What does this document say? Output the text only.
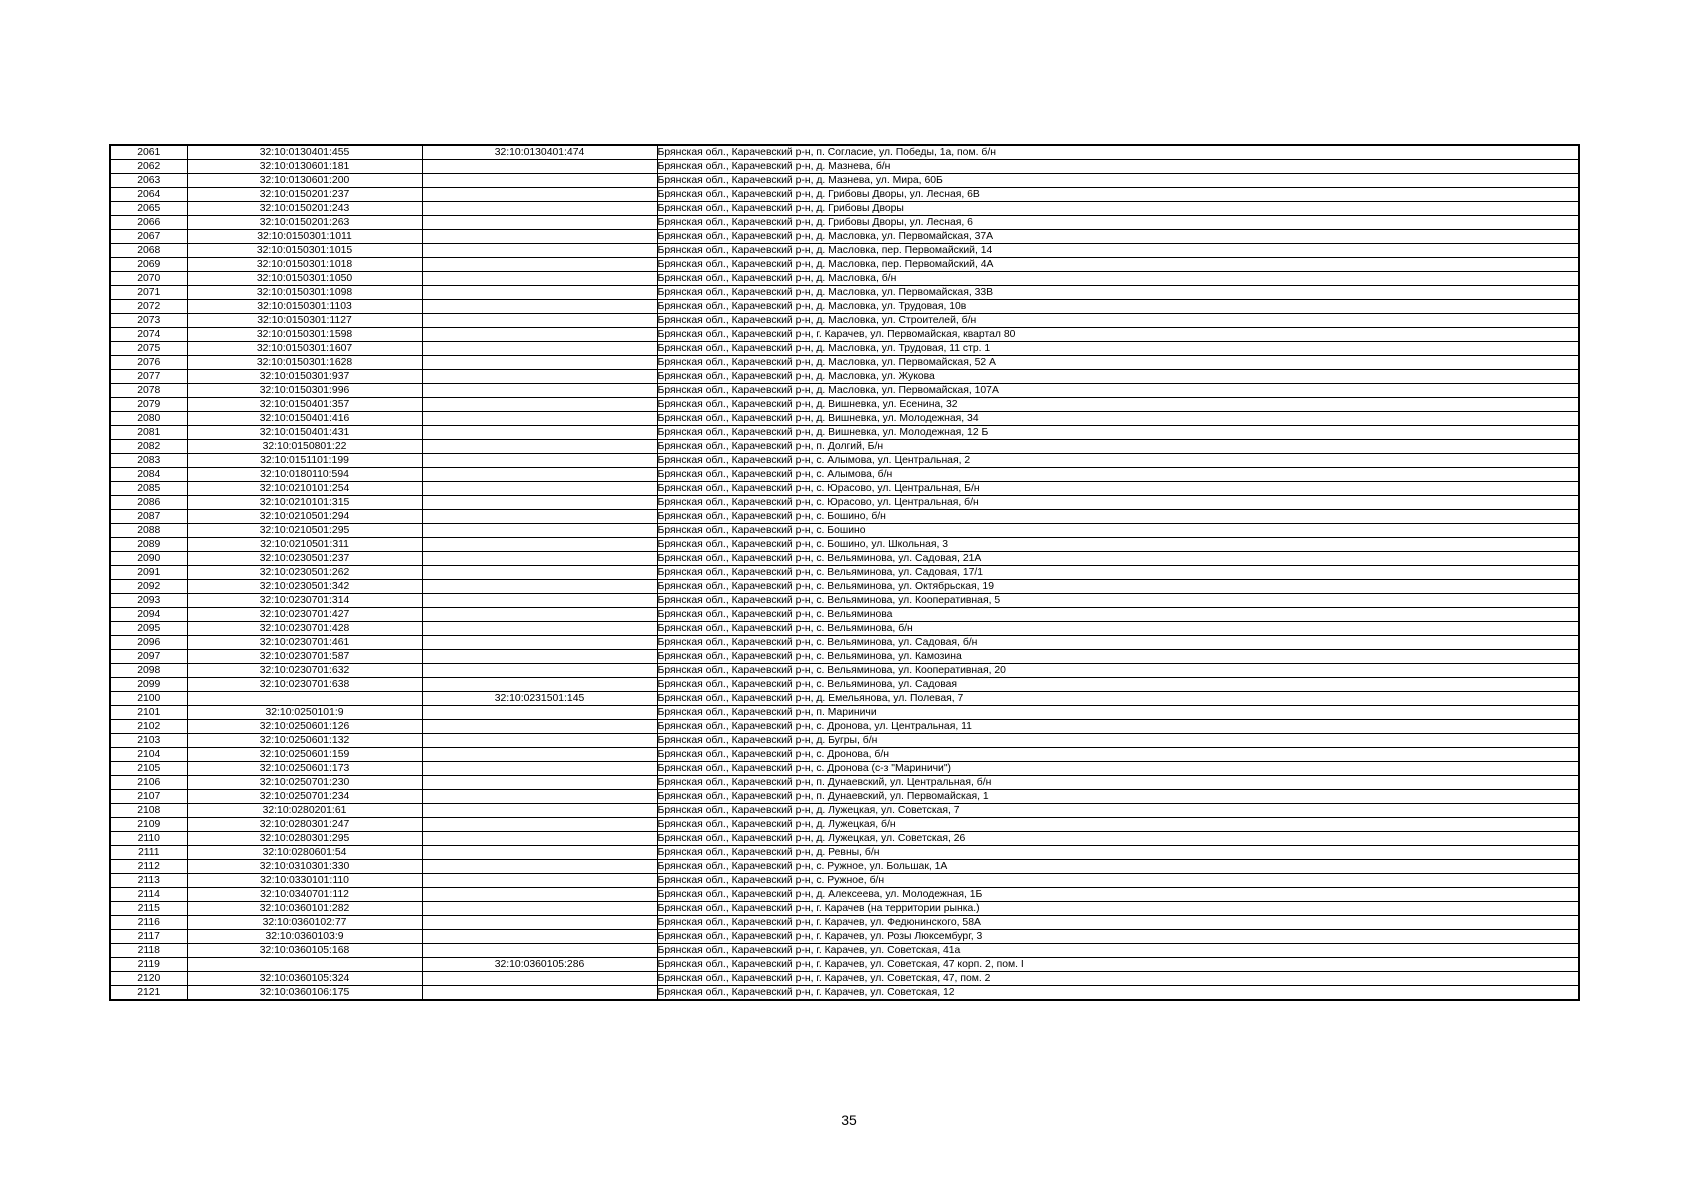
2061	32:10:0130401:455	32:10:0130401:474	Брянская обл., Карачевский р-н, п. Согласие, ул. Победы, 1а, пом. б/н
2062	32:10:0130601:181		Брянская обл., Карачевский р-н, д. Мазнева, б/н
2063	32:10:0130601:200		Брянская обл., Карачевский р-н, д. Мазнева, ул. Мира, 60Б
2064	32:10:0150201:237		Брянская обл., Карачевский р-н, д. Грибовы Дворы, ул. Лесная, 6В
2065	32:10:0150201:243		Брянская обл., Карачевский р-н, д. Грибовы Дворы
2066	32:10:0150201:263		Брянская обл., Карачевский р-н, д. Грибовы Дворы, ул. Лесная, 6
2067	32:10:0150301:1011		Брянская обл., Карачевский р-н, д. Масловка, ул. Первомайская, 37А
2068	32:10:0150301:1015		Брянская обл., Карачевский р-н, д. Масловка, пер. Первомайский, 14
2069	32:10:0150301:1018		Брянская обл., Карачевский р-н, д. Масловка, пер. Первомайский, 4А
2070	32:10:0150301:1050		Брянская обл., Карачевский р-н, д. Масловка, б/н
2071	32:10:0150301:1098		Брянская обл., Карачевский р-н, д. Масловка, ул. Первомайская, 33В
2072	32:10:0150301:1103		Брянская обл., Карачевский р-н, д. Масловка, ул. Трудовая, 10в
2073	32:10:0150301:1127		Брянская обл., Карачевский р-н, д. Масловка, ул. Строителей, б/н
2074	32:10:0150301:1598		Брянская обл., Карачевский р-н, г. Карачев, ул. Первомайская, квартал 80
2075	32:10:0150301:1607		Брянская обл., Карачевский р-н, д. Масловка, ул. Трудовая, 11 стр. 1
2076	32:10:0150301:1628		Брянская обл., Карачевский р-н, д. Масловка, ул. Первомайская, 52 А
2077	32:10:0150301:937		Брянская обл., Карачевский р-н, д. Масловка, ул. Жукова
2078	32:10:0150301:996		Брянская обл., Карачевский р-н, д. Масловка, ул. Первомайская, 107А
2079	32:10:0150401:357		Брянская обл., Карачевский р-н, д. Вишневка, ул. Есенина, 32
2080	32:10:0150401:416		Брянская обл., Карачевский р-н, д. Вишневка, ул. Молодежная, 34
2081	32:10:0150401:431		Брянская обл., Карачевский р-н, д. Вишневка, ул. Молодежная, 12 Б
2082	32:10:0150801:22		Брянская обл., Карачевский р-н, п. Долгий, Б/н
2083	32:10:0151101:199		Брянская обл., Карачевский р-н, с. Алымова, ул. Центральная, 2
2084	32:10:0180110:594		Брянская обл., Карачевский р-н, с. Алымова, б/н
2085	32:10:0210101:254		Брянская обл., Карачевский р-н, с. Юрасово, ул. Центральная, Б/н
2086	32:10:0210101:315		Брянская обл., Карачевский р-н, с. Юрасово, ул. Центральная, б/н
2087	32:10:0210501:294		Брянская обл., Карачевский р-н, с. Бошино, б/н
2088	32:10:0210501:295		Брянская обл., Карачевский р-н, с. Бошино
2089	32:10:0210501:311		Брянская обл., Карачевский р-н, с. Бошино, ул. Школьная, 3
2090	32:10:0230501:237		Брянская обл., Карачевский р-н, с. Вельяминова, ул. Садовая, 21А
2091	32:10:0230501:262		Брянская обл., Карачевский р-н, с. Вельяминова, ул. Садовая, 17/1
2092	32:10:0230501:342		Брянская обл., Карачевский р-н, с. Вельяминова, ул. Октябрьская, 19
2093	32:10:0230701:314		Брянская обл., Карачевский р-н, с. Вельяминова, ул. Кооперативная, 5
2094	32:10:0230701:427		Брянская обл., Карачевский р-н, с. Вельяминова
2095	32:10:0230701:428		Брянская обл., Карачевский р-н, с. Вельяминова, б/н
2096	32:10:0230701:461		Брянская обл., Карачевский р-н, с. Вельяминова, ул. Садовая, б/н
2097	32:10:0230701:587		Брянская обл., Карачевский р-н, с. Вельяминова, ул. Камозина
2098	32:10:0230701:632		Брянская обл., Карачевский р-н, с. Вельяминова, ул. Кооперативная, 20
2099	32:10:0230701:638		Брянская обл., Карачевский р-н, с. Вельяминова, ул. Садовая
2100		32:10:0231501:145	Брянская обл., Карачевский р-н, д. Емельянова, ул. Полевая, 7
2101	32:10:0250101:9		Брянская обл., Карачевский р-н, п. Мариничи
2102	32:10:0250601:126		Брянская обл., Карачевский р-н, с. Дронова, ул. Центральная, 11
2103	32:10:0250601:132		Брянская обл., Карачевский р-н, д. Бугры, б/н
2104	32:10:0250601:159		Брянская обл., Карачевский р-н, с. Дронова, б/н
2105	32:10:0250601:173		Брянская обл., Карачевский р-н, с. Дронова (с-з "Мариничи")
2106	32:10:0250701:230		Брянская обл., Карачевский р-н, п. Дунаевский, ул. Центральная, б/н
2107	32:10:0250701:234		Брянская обл., Карачевский р-н, п. Дунаевский, ул. Первомайская, 1
2108	32:10:0280201:61		Брянская обл., Карачевский р-н, д. Лужецкая, ул. Советская, 7
2109	32:10:0280301:247		Брянская обл., Карачевский р-н, д. Лужецкая, б/н
2110	32:10:0280301:295		Брянская обл., Карачевский р-н, д. Лужецкая, ул. Советская, 26
2111	32:10:0280601:54		Брянская обл., Карачевский р-н, д. Ревны, б/н
2112	32:10:0310301:330		Брянская обл., Карачевский р-н, с. Ружное, ул. Большак, 1А
2113	32:10:0330101:110		Брянская обл., Карачевский р-н, с. Ружное, б/н
2114	32:10:0340701:112		Брянская обл., Карачевский р-н, д. Алексеева, ул. Молодежная, 1Б
2115	32:10:0360101:282		Брянская обл., Карачевский р-н, г. Карачев (на территории рынка.)
2116	32:10:0360102:77		Брянская обл., Карачевский р-н, г. Карачев, ул. Федюнинского, 58А
2117	32:10:0360103:9		Брянская обл., Карачевский р-н, г. Карачев, ул. Розы Люксембург, 3
2118	32:10:0360105:168		Брянская обл., Карачевский р-н, г. Карачев, ул. Советская, 41а
2119		32:10:0360105:286	Брянская обл., Карачевский р-н, г. Карачев, ул. Советская, 47 корп. 2, пом. I
2120	32:10:0360105:324		Брянская обл., Карачевский р-н, г. Карачев, ул. Советская, 47, пом. 2
2121	32:10:0360106:175		Брянская обл., Карачевский р-н, г. Карачев, ул. Советская, 12
35
